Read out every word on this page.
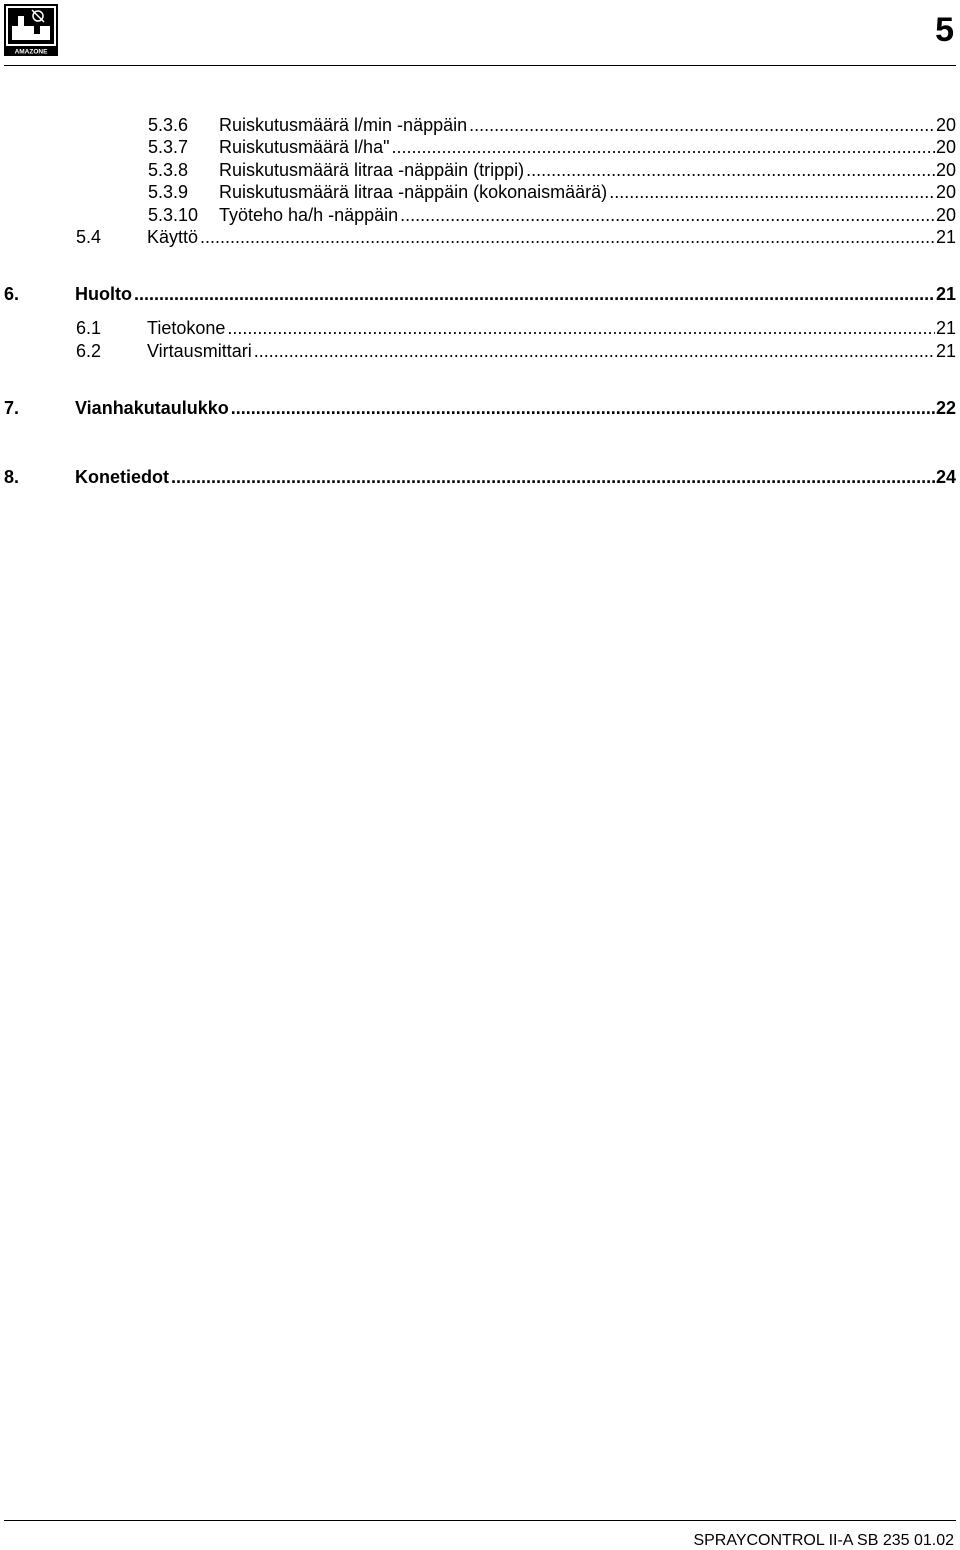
AMAZONE
5
5.3.6	Ruiskutusmäärä l/min -näppäin .....	20
5.3.7	Ruiskutusmäärä l/ha" .....	20
5.3.8	Ruiskutusmäärä litraa -näppäin (trippi) .....	20
5.3.9	Ruiskutusmäärä litraa -näppäin (kokonaismäärä) .....	20
5.3.10	Työteho ha/h -näppäin .....	20
5.4	Käyttö .....	21
6.	Huolto .....	21
6.1	Tietokone .....	21
6.2	Virtausmittari .....	21
7.	Vianhakutaulukko .....	22
8.	Konetiedot .....	24
SPRAYCONTROL II-A SB 235 01.02
